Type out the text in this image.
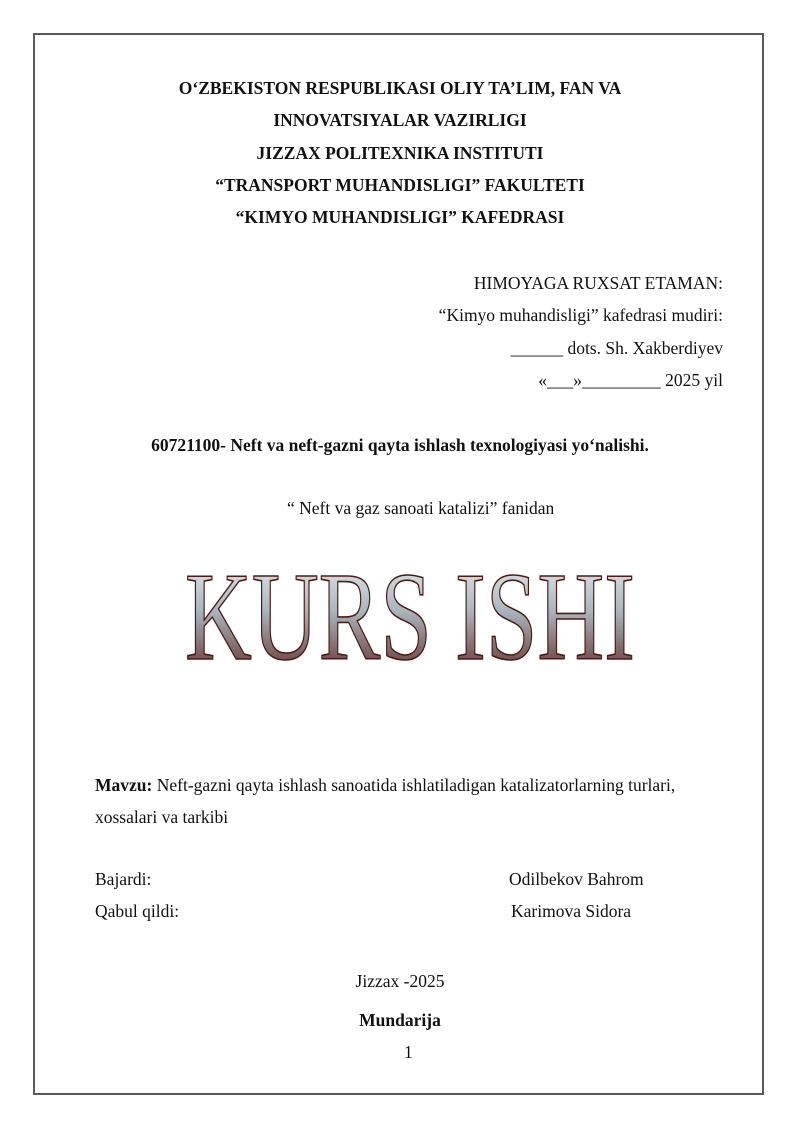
O‘ZBEKISTON RESPUBLIKASI OLIY TA’LIM, FAN VA
INNOVATSIYALAR VAZIRLIGI
JIZZAX POLITEXNIKA INSTITUTI
“TRANSPORT MUHANDISLIGI” FAKULTETI
“KIMYO MUHANDISLIGI” KAFEDRASI
HIMOYAGA RUXSAT ETAMAN:
“Kimyo muhandisligi” kafedrasi mudiri:
______ dots. Sh. Xakberdiyev
«___»_________ 2025 yil
60721100- Neft va neft-gazni qayta ishlash texnologiyasi yo‘nalishi.
“ Neft va gaz sanoati katalizi” fanidan
KURS ISHI
Mavzu: Neft-gazni qayta ishlash sanoatida ishlatiladigan katalizatorlarning turlari, xossalari va tarkibi
Bajardi:	Odilbekov Bahrom
Qabul qildi:	Karimova Sidora
Jizzax -2025
Mundarija
1
